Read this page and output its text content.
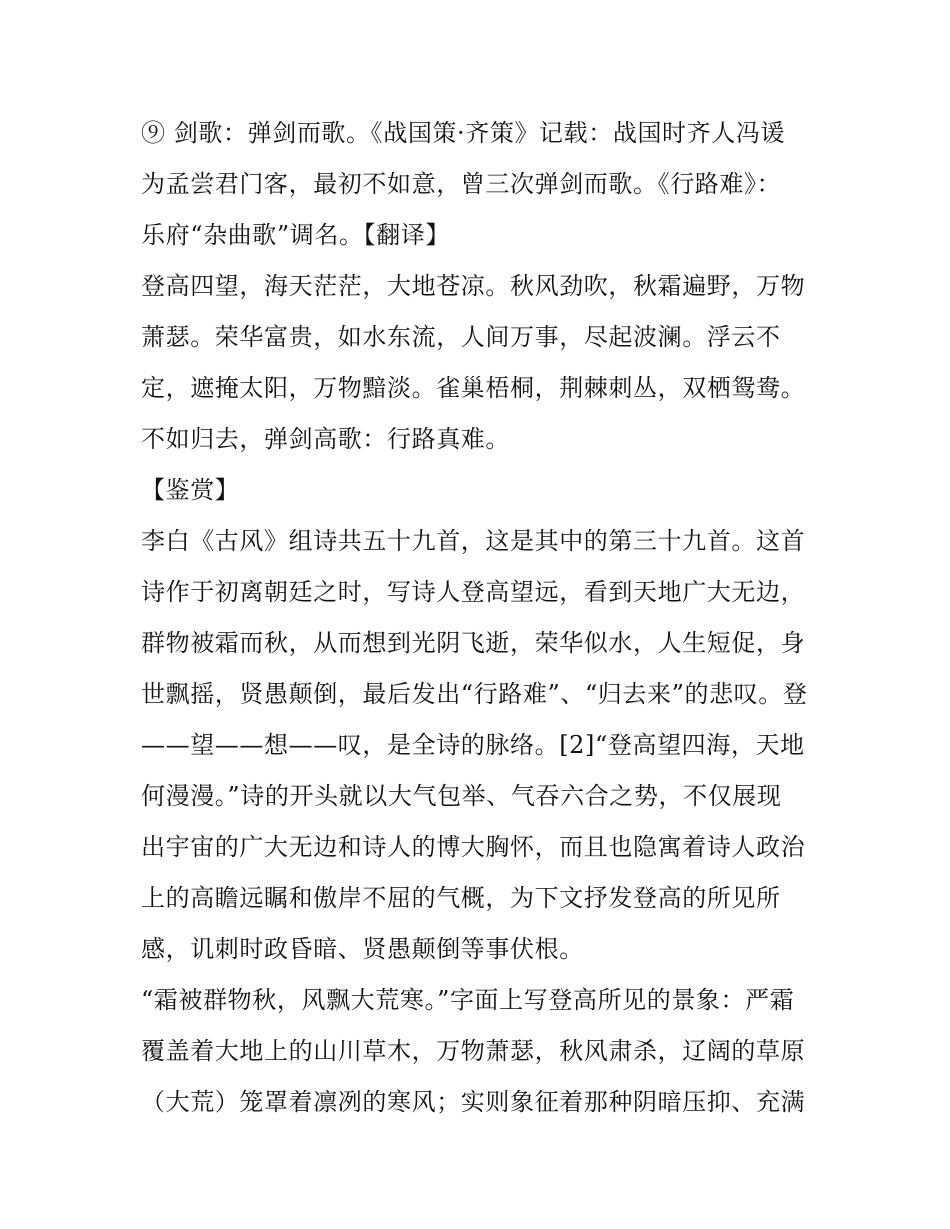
⑨ 剑歌：弹剑而歌。《战国策·齐策》记载：战国时齐人冯谖
为孟尝君门客，最初不如意，曾三次弹剑而歌。《行路难》：
乐府“杂曲歌”调名。【翻译】
登高四望，海天茫茫，大地苍凉。秋风劲吹，秋霜遍野，万物
萧瑟。荣华富贵，如水东流，人间万事，尽起波澜。浮云不
定，遮掩太阳，万物黯淡。雀巢梧桐，荆棘刺丛，双栖鸳鸯。
不如归去，弹剑高歌：行路真难。
【鉴赏】
李白《古风》组诗共五十九首，这是其中的第三十九首。这首
诗作于初离朝廷之时，写诗人登高望远，看到天地广大无边，
群物被霜而秋，从而想到光阴飞逝，荣华似水，人生短促，身
世飘摇，贤愚颠倒，最后发出“行路难”、“归去来”的悲叹。登
——望——想——叹，是全诗的脉络。[2]“登高望四海，天地
何漫漫。”诗的开头就以大气包举、气吞六合之势，不仅展现
出宇宙的广大无边和诗人的博大胸怀，而且也隐寓着诗人政治
上的高瞻远瞩和傲岸不屈的气概，为下文抒发登高的所见所
感，讥刺时政昏暗、贤愚颠倒等事伏根。
“霜被群物秋，风飘大荒寒。”字面上写登高所见的景象：严霜
覆盖着大地上的山川草木，万物萧瑟，秋风肃杀，辽阔的草原
（大荒）笼罩着凛冽的寒风；实则象征着那种阴暗压抑、充满
